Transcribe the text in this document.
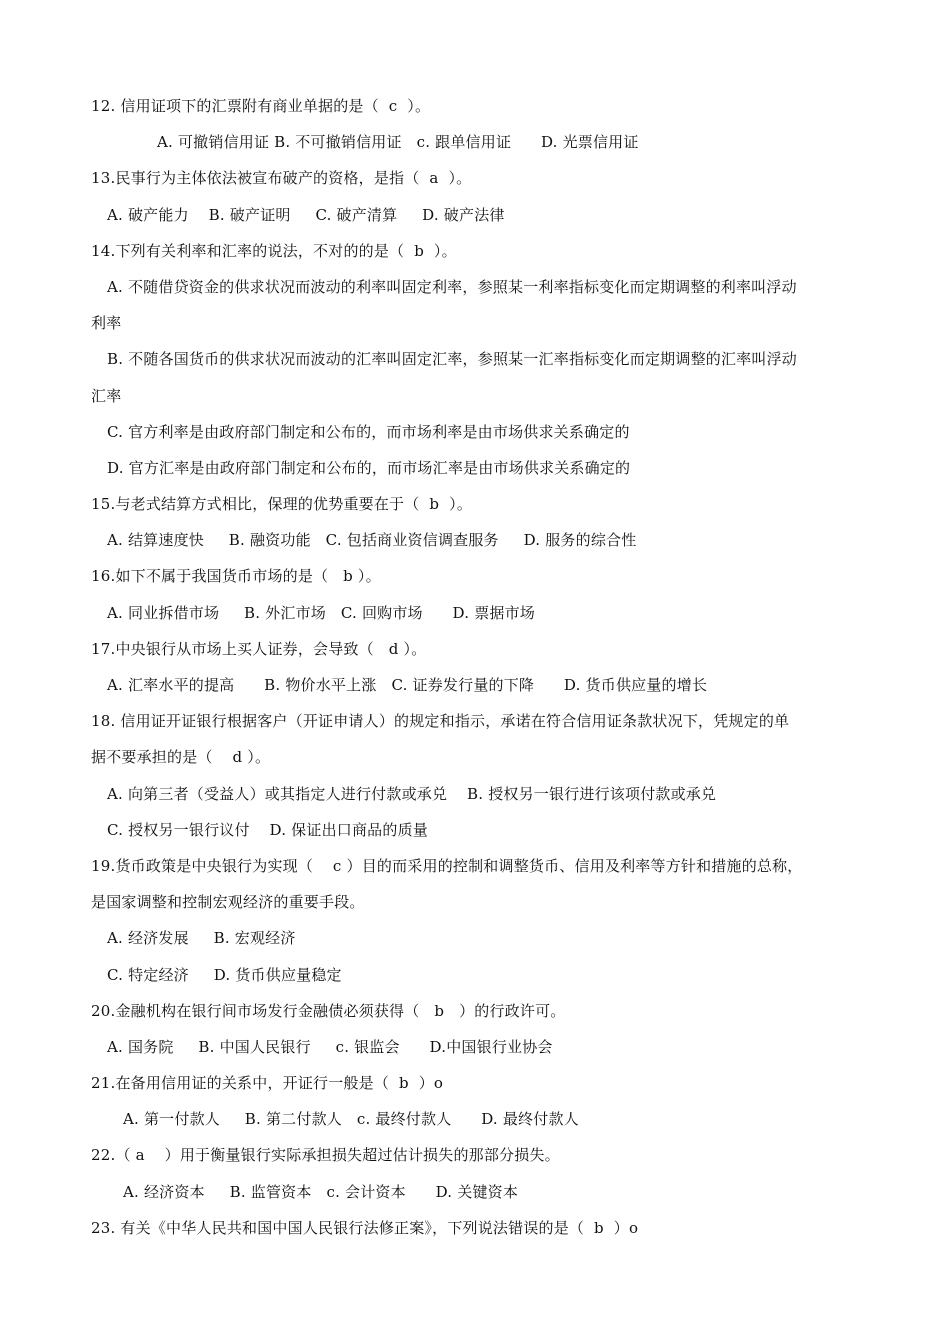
12. 信用证项下的汇票附有商业单据的是（  c  ）。
A. 可撤销信用证 B. 不可撤销信用证   c. 跟单信用证      D. 光票信用证
13.民事行为主体依法被宣布破产的资格，是指（  a  ）。
A. 破产能力    B. 破产证明     C. 破产清算     D. 破产法律
14.下列有关利率和汇率的说法，不对的的是（  b  ）。
A. 不随借贷资金的供求状况而波动的利率叫固定利率，参照某一利率指标变化而定期调整的利率叫浮动
利率
B. 不随各国货币的供求状况而波动的汇率叫固定汇率，参照某一汇率指标变化而定期调整的汇率叫浮动
汇率
C. 官方利率是由政府部门制定和公布的，而市场利率是由市场供求关系确定的
D. 官方汇率是由政府部门制定和公布的，而市场汇率是由市场供求关系确定的
15.与老式结算方式相比，保理的优势重要在于（  b  ）。
A. 结算速度快     B. 融资功能   C. 包括商业资信调查服务     D. 服务的综合性
16.如下不属于我国货币市场的是（   b ）。
A. 同业拆借市场     B. 外汇市场   C. 回购市场      D. 票据市场
17.中央银行从市场上买人证券，会导致（   d ）。
A. 汇率水平的提高      B. 物价水平上涨   C. 证券发行量的下降      D. 货币供应量的增长
18. 信用证开证银行根据客户（开证申请人）的规定和指示，承诺在符合信用证条款状况下，凭规定的单
据不要承担的是（    d ）。
A. 向第三者（受益人）或其指定人进行付款或承兑    B. 授权另一银行进行该项付款或承兑
C. 授权另一银行议付    D. 保证出口商品的质量
19.货币政策是中央银行为实现（    c ）目的而采用的控制和调整货币、信用及利率等方针和措施的总称，
是国家调整和控制宏观经济的重要手段。
A. 经济发展     B. 宏观经济
C. 特定经济     D. 货币供应量稳定
20.金融机构在银行间市场发行金融债必须获得（   b   ）的行政许可。
A. 国务院     B. 中国人民银行     c. 银监会      D.中国银行业协会
21.在备用信用证的关系中，开证行一般是（  b  ）o
A. 第一付款人     B. 第二付款人   c. 最终付款人      D. 最终付款人
22.（ a    ）用于衡量银行实际承担损失超过估计损失的那部分损失。
A. 经济资本     B. 监管资本   c. 会计资本      D. 关键资本
23. 有关《中华人民共和国中国人民银行法修正案》，下列说法错误的是（  b  ）o
